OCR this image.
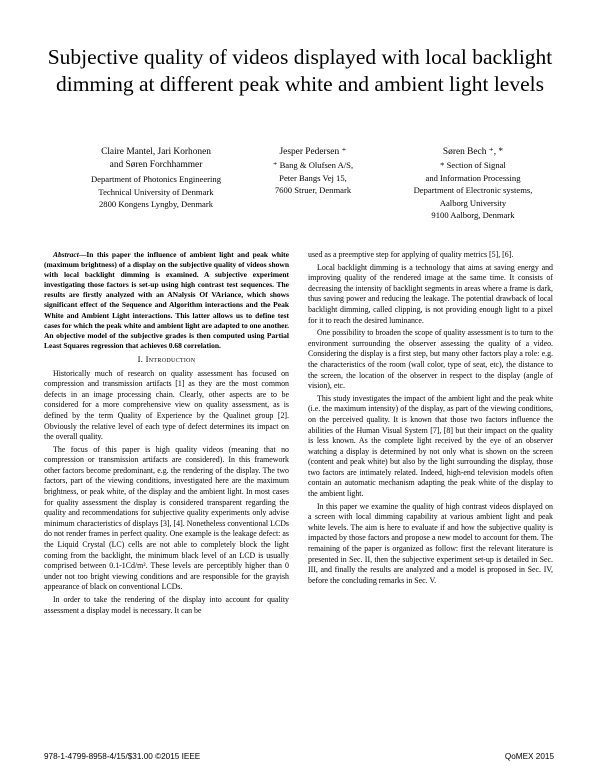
Subjective quality of videos displayed with local backlight dimming at different peak white and ambient light levels
Claire Mantel, Jari Korhonen
and Søren Forchhammer
Department of Photonics Engineering
Technical University of Denmark
2800 Kongens Lyngby, Denmark
Jesper Pedersen ⁺
⁺ Bang & Olufsen A/S,
Peter Bangs Vej 15,
7600 Struer, Denmark
Søren Bech ⁺, *
* Section of Signal
and Information Processing
Department of Electronic systems,
Aalborg University
9100 Aalborg, Denmark

Abstract—In this paper the influence of ambient light and peak white (maximum brightness) of a display on the subjective quality of videos shown with local backlight dimming is examined. A subjective experiment investigating those factors is set-up using high contrast test sequences. The results are firstly analyzed with an ANalysis Of VAriance, which shows significant effect of the Sequence and Algorithm interactions and the Peak White and Ambient Light interactions. This latter allows us to define test cases for which the peak white and ambient light are adapted to one another. An objective model of the subjective grades is then computed using Partial Least Squares regression that achieves 0.68 correlation.

I. Introduction

Historically much of research on quality assessment has focused on compression and transmission artifacts [1] as they are the most common defects in an image processing chain. Clearly, other aspects are to be considered for a more comprehensive view on quality assessment, as is defined by the term Quality of Experience by the Qualinet group [2]. Obviously the relative level of each type of defect determines its impact on the overall quality.

The focus of this paper is high quality videos (meaning that no compression or transmission artifacts are considered). In this framework other factors become predominant, e.g. the rendering of the display. The two factors, part of the viewing conditions, investigated here are the maximum brightness, or peak white, of the display and the ambient light. In most cases for quality assessment the display is considered transparent regarding the quality and recommendations for subjective quality experiments only advise minimum characteristics of displays [3], [4]. Nonetheless conventional LCDs do not render frames in perfect quality. One example is the leakage defect: as the Liquid Crystal (LC) cells are not able to completely block the light coming from the backlight, the minimum black level of an LCD is usually comprised between 0.1-1Cd/m². These levels are perceptibly higher than 0 under not too bright viewing conditions and are responsible for the grayish appearance of black on conventional LCDs.

In order to take the rendering of the display into account for quality assessment a display model is necessary. It can be

used as a preemptive step for applying of quality metrics [5], [6].

Local backlight dimming is a technology that aims at saving energy and improving quality of the rendered image at the same time. It consists of decreasing the intensity of backlight segments in areas where a frame is dark, thus saving power and reducing the leakage. The potential drawback of local backlight dimming, called clipping, is not providing enough light to a pixel for it to reach the desired luminance.

One possibility to broaden the scope of quality assessment is to turn to the environment surrounding the observer assessing the quality of a video. Considering the display is a first step, but many other factors play a role: e.g. the characteristics of the room (wall color, type of seat, etc), the distance to the screen, the location of the observer in respect to the display (angle of vision), etc.

This study investigates the impact of the ambient light and the peak white (i.e. the maximum intensity) of the display, as part of the viewing conditions, on the perceived quality. It is known that those two factors influence the abilities of the Human Visual System [7], [8] but their impact on the quality is less known. As the complete light received by the eye of an observer watching a display is determined by not only what is shown on the screen (content and peak white) but also by the light surrounding the display, those two factors are intimately related. Indeed, high-end television models often contain an automatic mechanism adapting the peak white of the display to the ambient light.

In this paper we examine the quality of high contrast videos displayed on a screen with local dimming capability at various ambient light and peak white levels. The aim is here to evaluate if and how the subjective quality is impacted by those factors and propose a new model to account for them. The remaining of the paper is organized as follow: first the relevant literature is presented in Sec. II, then the subjective experiment set-up is detailed in Sec. III, and finally the results are analyzed and a model is proposed in Sec. IV, before the concluding remarks in Sec. V.

978-1-4799-8958-4/15/$31.00 ©2015 IEEE	QoMEX 2015
